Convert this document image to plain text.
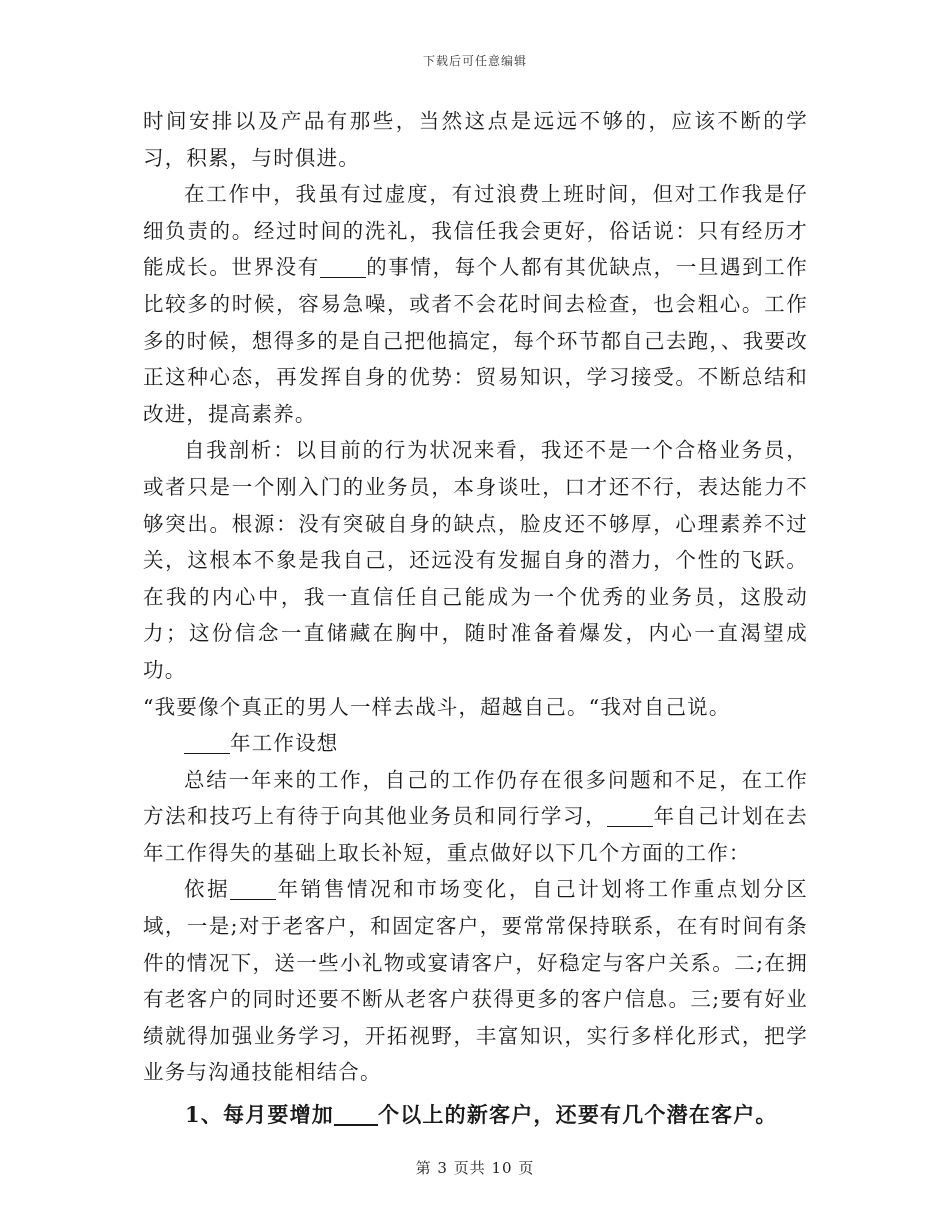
下载后可任意编辑

时间安排以及产品有那些，当然这点是远远不够的，应该不断的学习，积累，与时俱进。

在工作中，我虽有过虚度，有过浪费上班时间，但对工作我是仔细负责的。经过时间的洗礼，我信任我会更好，俗话说：只有经历才能成长。世界没有 的事情，每个人都有其优缺点，一旦遇到工作比较多的时候，容易急噪，或者不会花时间去检查，也会粗心。工作多的时候，想得多的是自己把他搞定，每个环节都自己去跑，、我要改正这种心态，再发挥自身的优势：贸易知识，学习接受。不断总结和改进，提高素养。

自我剖析：以目前的行为状况来看，我还不是一个合格业务员，或者只是一个刚入门的业务员，本身谈吐，口才还不行，表达能力不够突出。根源：没有突破自身的缺点，脸皮还不够厚，心理素养不过关，这根本不象是我自己，还远没有发掘自身的潜力，个性的飞跃。在我的内心中，我一直信任自己能成为一个优秀的业务员，这股动力；这份信念一直储藏在胸中，随时准备着爆发，内心一直渴望成功。

“我要像个真正的男人一样去战斗，超越自己。“我对自己说。

年工作设想

总结一年来的工作，自己的工作仍存在很多问题和不足，在工作方法和技巧上有待于向其他业务员和同行学习， 年自己计划在去年工作得失的基础上取长补短，重点做好以下几个方面的工作：

依据 年销售情况和市场变化，自己计划将工作重点划分区域，一是;对于老客户，和固定客户，要常常保持联系，在有时间有条件的情况下，送一些小礼物或宴请客户，好稳定与客户关系。二;在拥有老客户的同时还要不断从老客户获得更多的客户信息。三;要有好业绩就得加强业务学习，开拓视野，丰富知识，实行多样化形式，把学业务与沟通技能相结合。

1、每月要增加 个以上的新客户，还要有几个潜在客户。

第 3 页共 10 页
